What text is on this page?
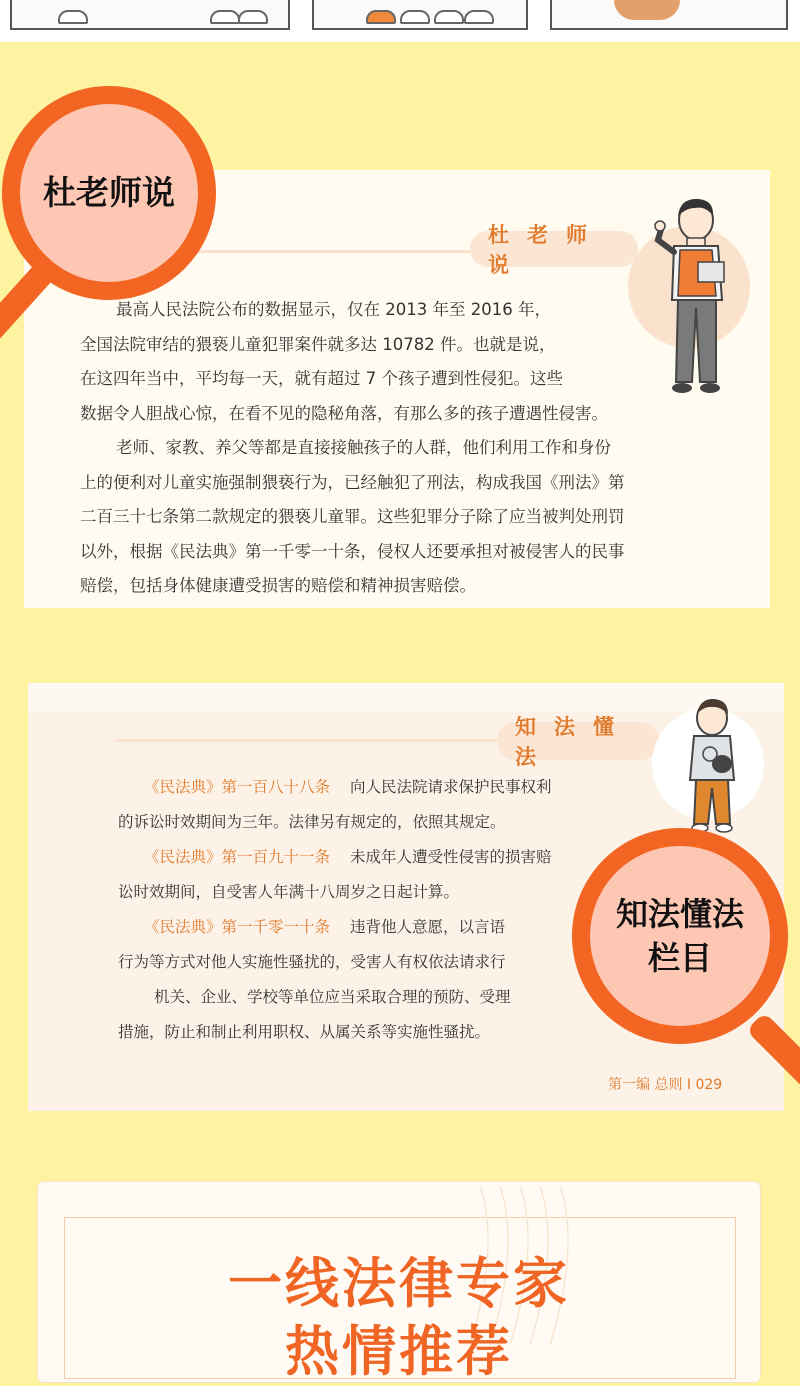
杜老师说

最高人民法院公布的数据显示，仅在 2013 年至 2016 年，

全国法院审结的猥亵儿童犯罪案件就多达 10782 件。也就是说，

在这四年当中，平均每一天，就有超过 7 个孩子遭到性侵犯。这些

数据令人胆战心惊，在看不见的隐秘角落，有那么多的孩子遭遇性侵害。

老师、家教、养父等都是直接接触孩子的人群，他们利用工作和身份

上的便利对儿童实施强制猥亵行为，已经触犯了刑法，构成我国《刑法》第

二百三十七条第二款规定的猥亵儿童罪。这些犯罪分子除了应当被判处刑罚

以外，根据《民法典》第一千零一十条，侵权人还要承担对被侵害人的民事

赔偿，包括身体健康遭受损害的赔偿和精神损害赔偿。

杜老师说
知法懂法

《民法典》第一百八十八条 向人民法院请求保护民事权利

的诉讼时效期间为三年。法律另有规定的，依照其规定。

《民法典》第一百九十一条 未成年人遭受性侵害的损害赔

讼时效期间，自受害人年满十八周岁之日起计算。

《民法典》第一千零一十条 违背他人意愿，以言语

行为等方式对他人实施性骚扰的，受害人有权依法请求行

机关、企业、学校等单位应当采取合理的预防、受理

措施，防止和制止利用职权、从属关系等实施性骚扰。

第一编 总则 I 029
知法懂法
栏目
一线法律专家
热情推荐
